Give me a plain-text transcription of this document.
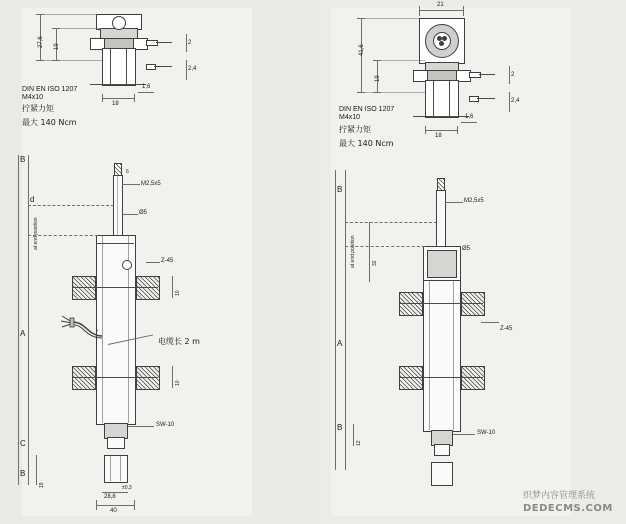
27,6 19
2
2,4
18
1,6
DIN EN ISO 1207
M4x10
拧紧力矩
最大 140 Ncm
M2,5x5
6
Ø5
Z-45
10
10
电缆长 2 m
SW-10
B
d
A
C
B
19
at end position
40
28,8
±0,3
21
41,6
19
2
2,4
18
1,6
DIN EN ISO 1207
M4x10
拧紧力矩
最大 140 Ncm
M2,5x5
Ø5
Z-45
SW-10
B
A
B
12
at end position	32
织梦内容管理系统
DEDECMS.COM
